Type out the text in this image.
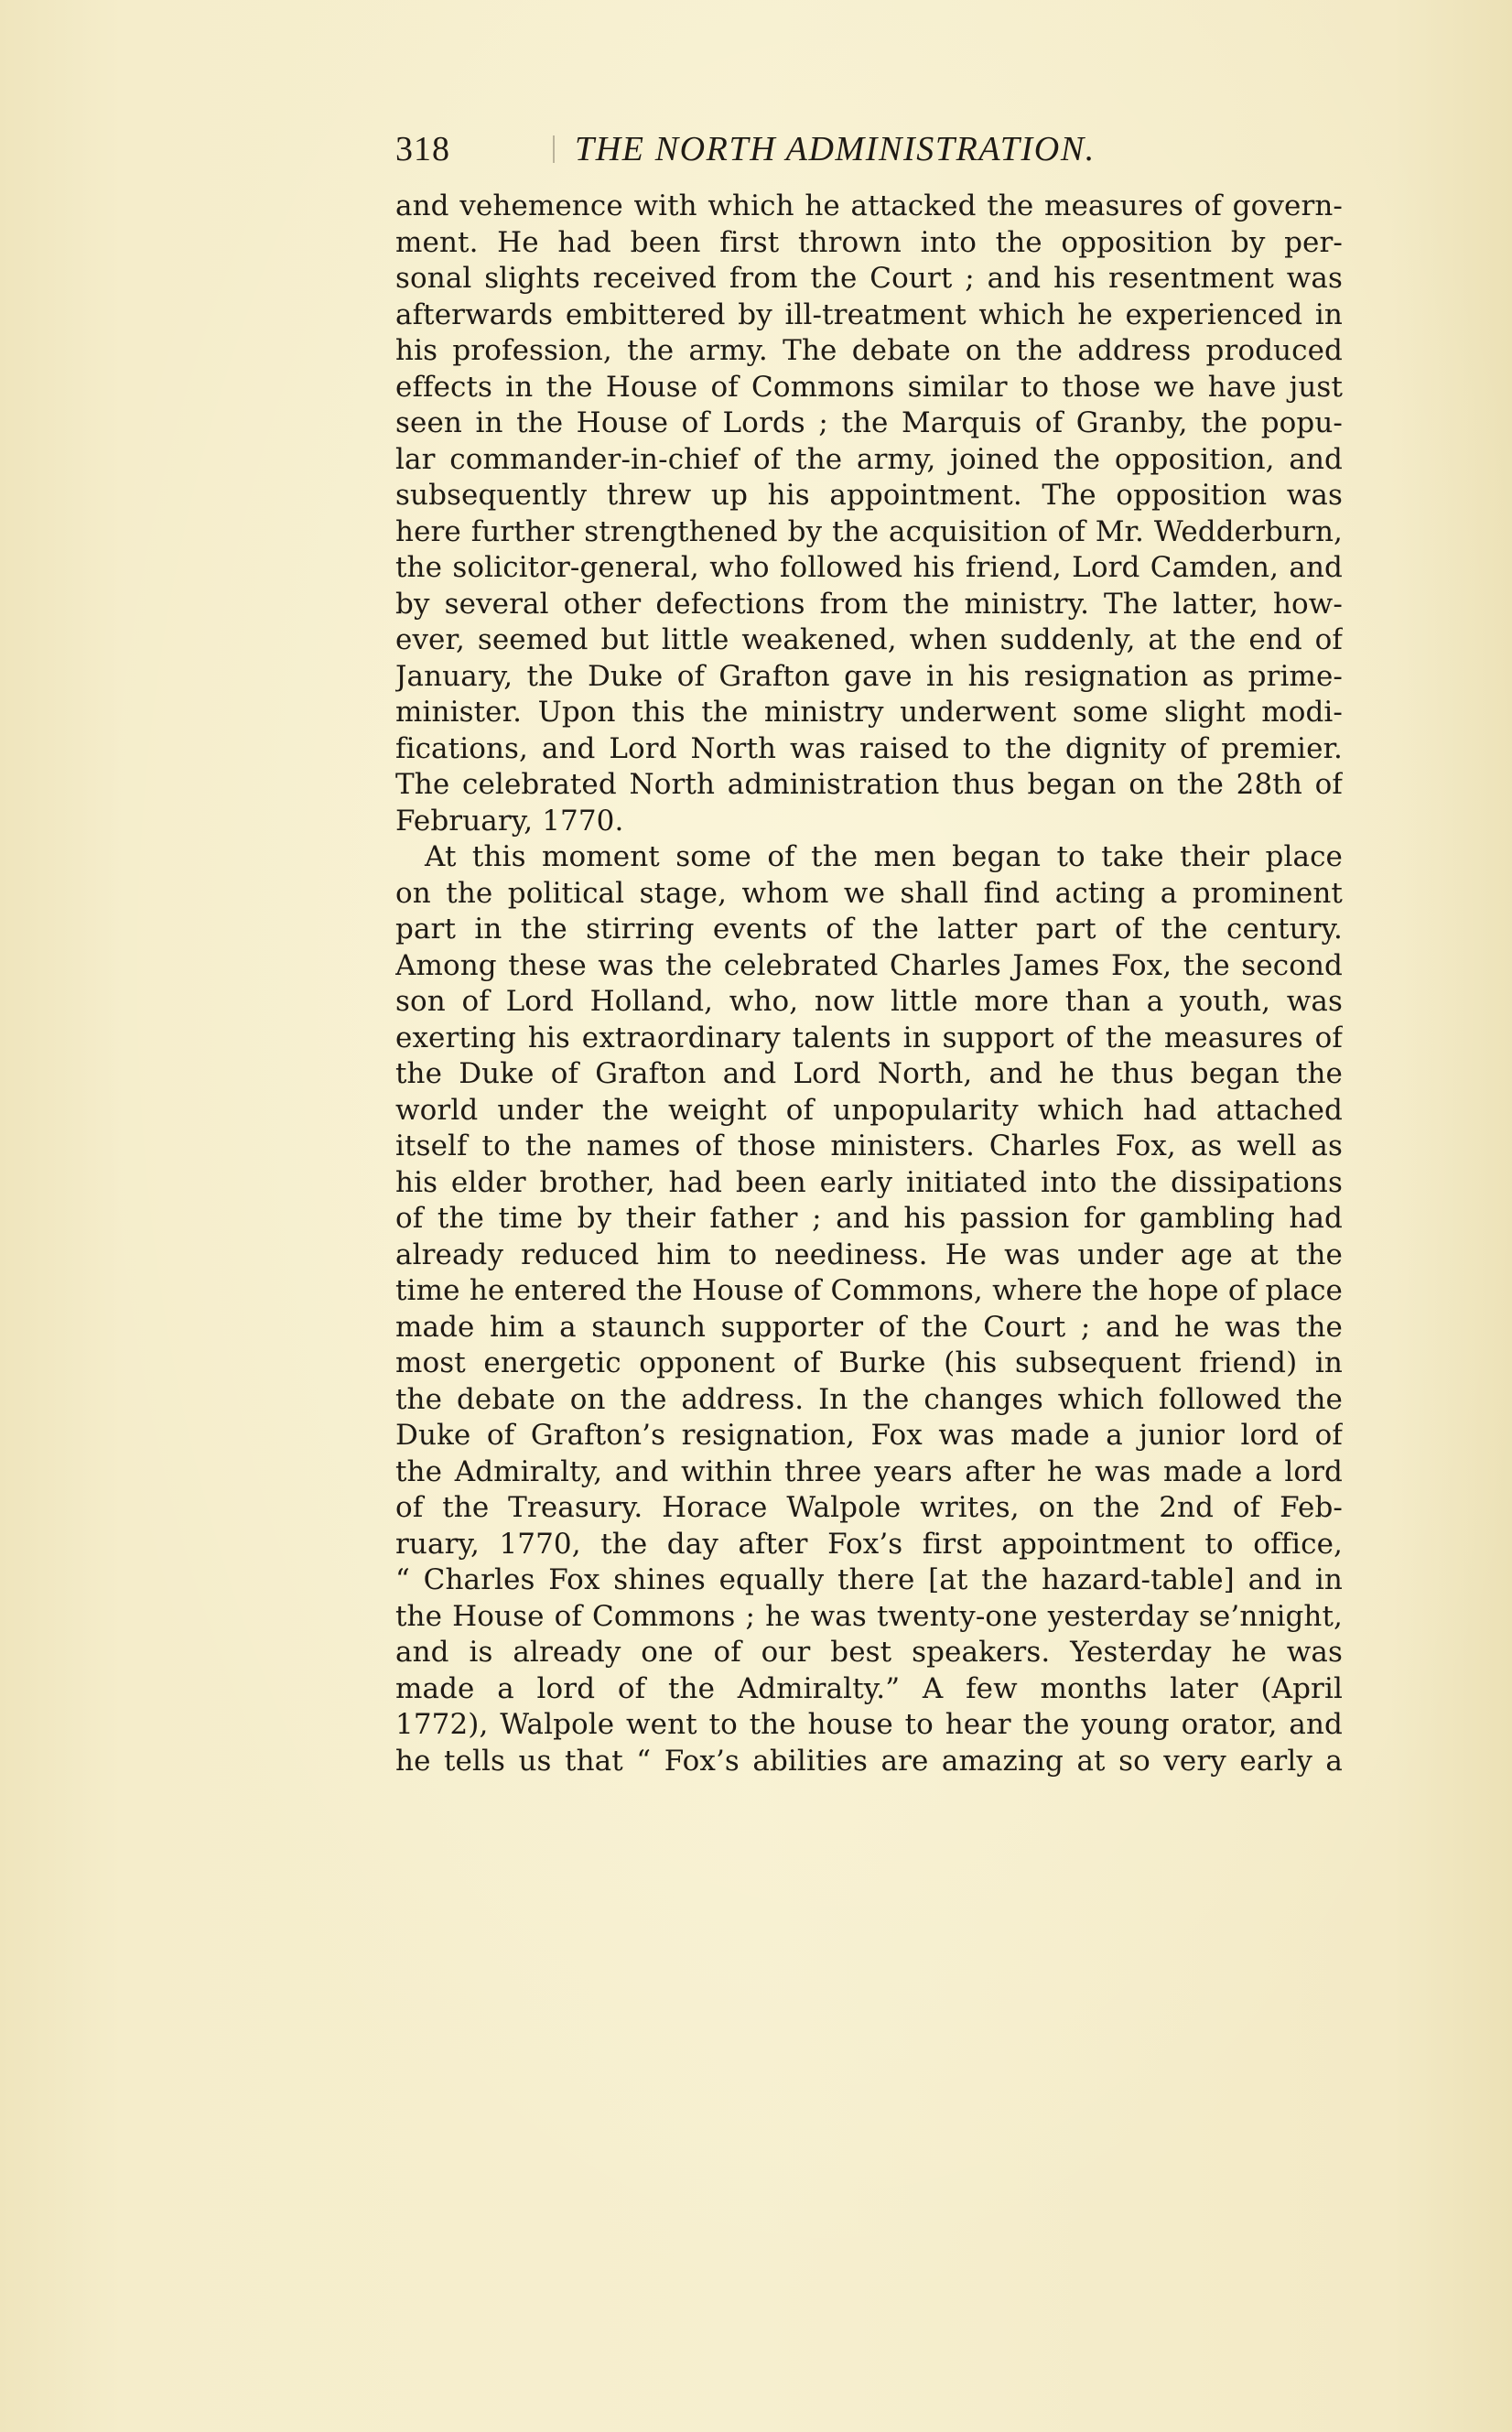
318	THE NORTH ADMINISTRATION.
and vehemence with which he attacked the measures of govern-
ment. He had been first thrown into the opposition by per-
sonal slights received from the Court ; and his resentment was
afterwards embittered by ill-treatment which he experienced in
his profession, the army. The debate on the address produced
effects in the House of Commons similar to those we have just
seen in the House of Lords ; the Marquis of Granby, the popu-
lar commander-in-chief of the army, joined the opposition, and
subsequently threw up his appointment. The opposition was
here further strengthened by the acquisition of Mr. Wedderburn,
the solicitor-general, who followed his friend, Lord Camden, and
by several other defections from the ministry. The latter, how-
ever, seemed but little weakened, when suddenly, at the end of
January, the Duke of Grafton gave in his resignation as prime-
minister. Upon this the ministry underwent some slight modi-
fications, and Lord North was raised to the dignity of premier.
The celebrated North administration thus began on the 28th of
February, 1770.
At this moment some of the men began to take their place
on the political stage, whom we shall find acting a prominent
part in the stirring events of the latter part of the century.
Among these was the celebrated Charles James Fox, the second
son of Lord Holland, who, now little more than a youth, was
exerting his extraordinary talents in support of the measures of
the Duke of Grafton and Lord North, and he thus began the
world under the weight of unpopularity which had attached
itself to the names of those ministers. Charles Fox, as well as
his elder brother, had been early initiated into the dissipations
of the time by their father ; and his passion for gambling had
already reduced him to neediness. He was under age at the
time he entered the House of Commons, where the hope of place
made him a staunch supporter of the Court ; and he was the
most energetic opponent of Burke (his subsequent friend) in
the debate on the address. In the changes which followed the
Duke of Grafton’s resignation, Fox was made a junior lord of
the Admiralty, and within three years after he was made a lord
of the Treasury. Horace Walpole writes, on the 2nd of Feb-
ruary, 1770, the day after Fox’s first appointment to office,
“ Charles Fox shines equally there [at the hazard-table] and in
the House of Commons ; he was twenty-one yesterday se’nnight,
and is already one of our best speakers. Yesterday he was
made a lord of the Admiralty.” A few months later (April
1772), Walpole went to the house to hear the young orator, and
he tells us that “ Fox’s abilities are amazing at so very early a
